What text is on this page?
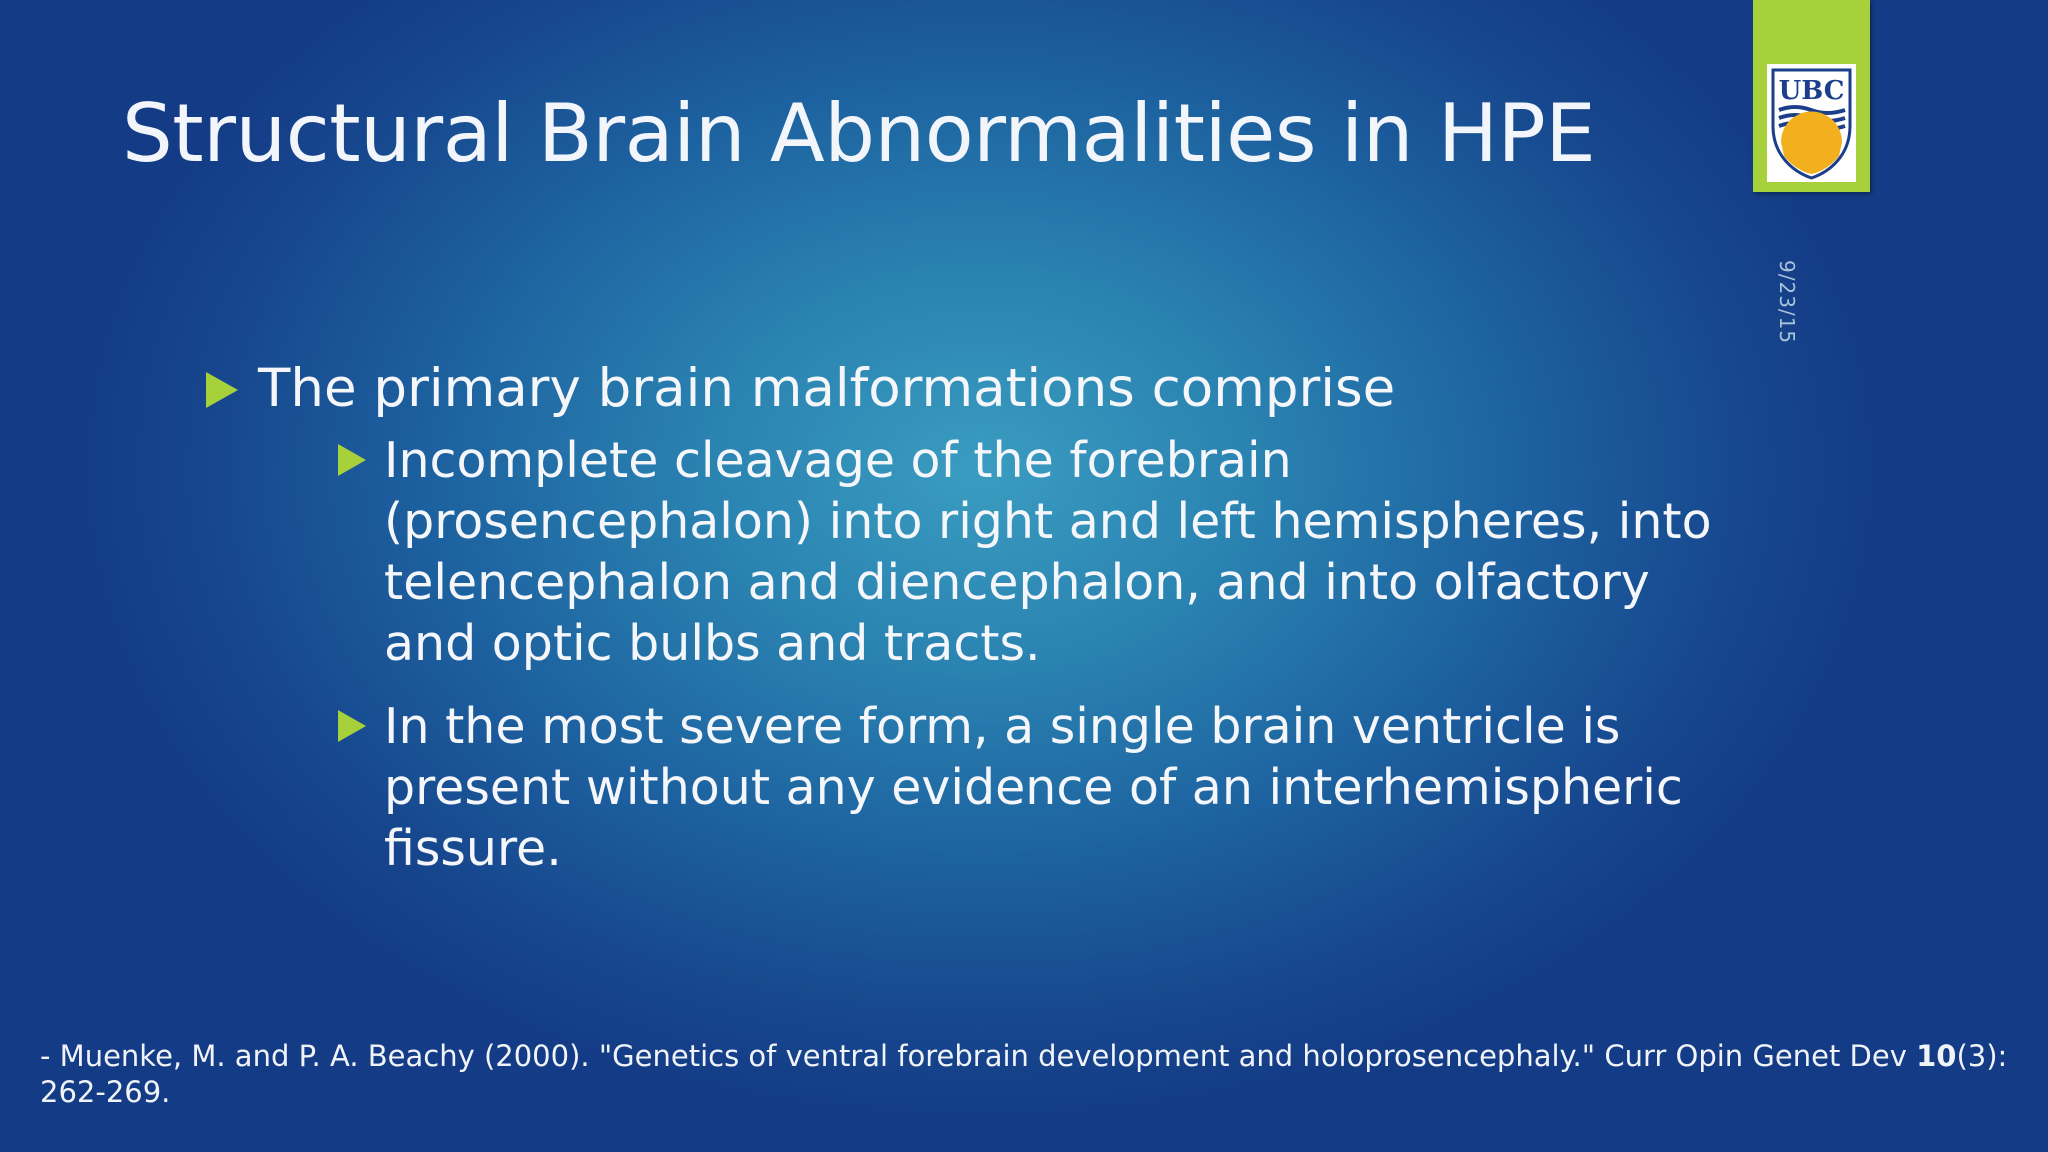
Structural Brain Abnormalities in HPE	UBC
9/23/15
The primary brain malformations comprise
Incomplete cleavage of the forebrain (prosencephalon) into right and left hemispheres, into telencephalon and diencephalon, and into olfactory and optic bulbs and tracts.
In the most severe form, a single brain ventricle is present without any evidence of an interhemispheric fissure.
- Muenke, M. and P. A. Beachy (2000). "Genetics of ventral forebrain development and holoprosencephaly." Curr Opin Genet Dev 10(3): 262-269.
